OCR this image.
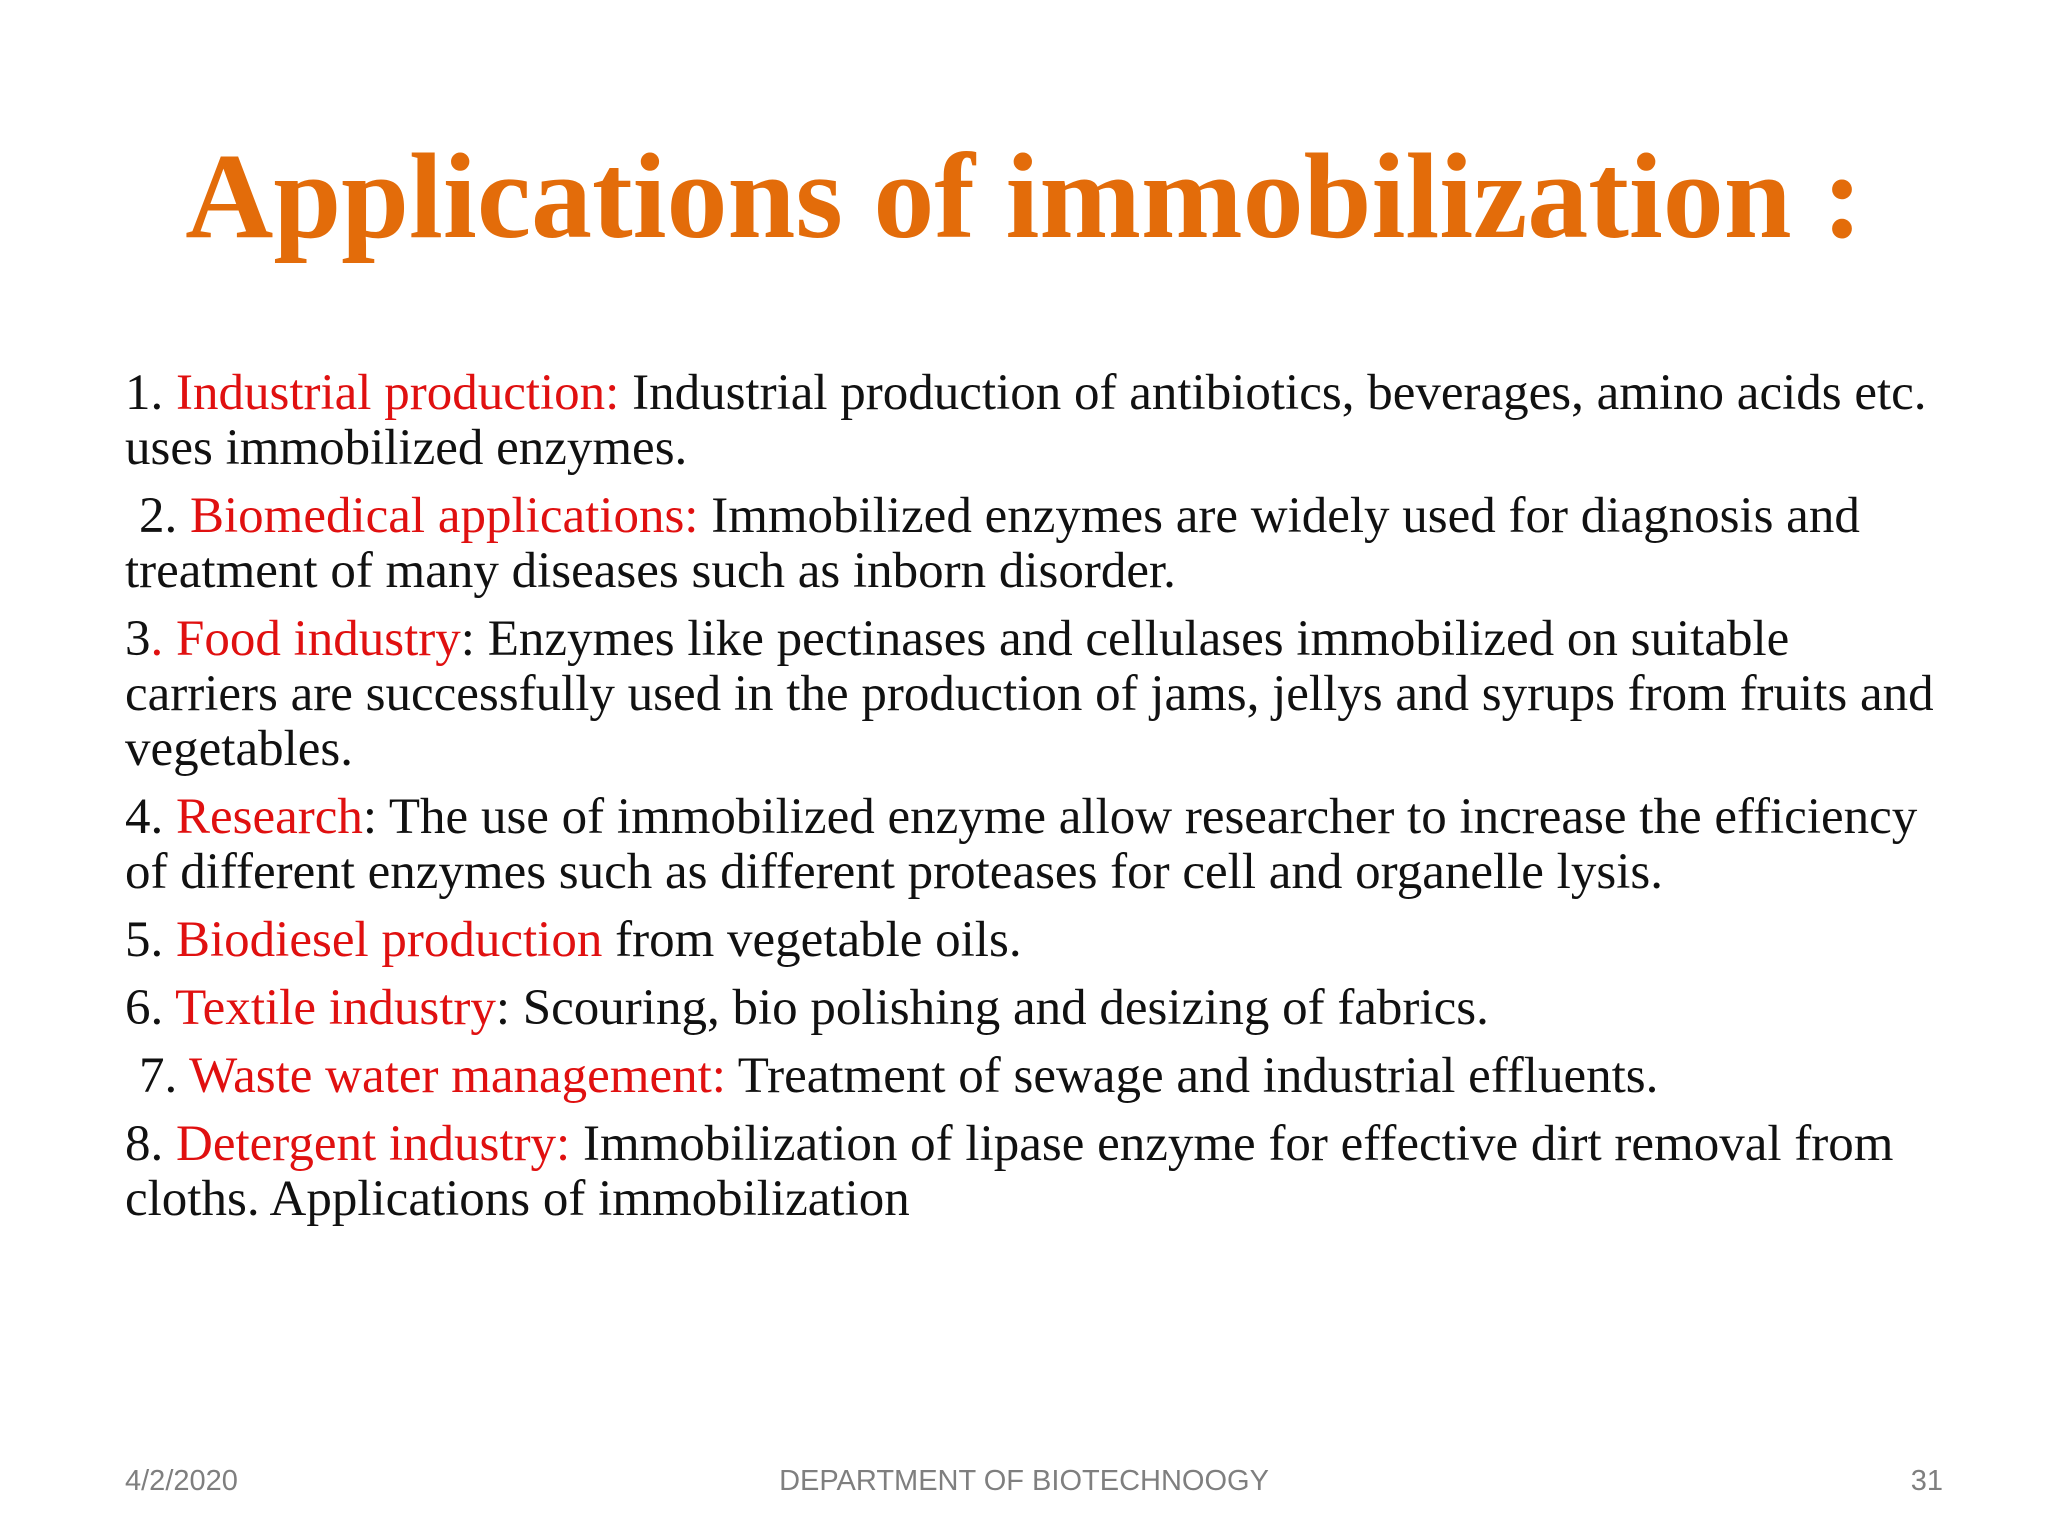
Applications of immobilization :
1. Industrial production: Industrial production of antibiotics, beverages, amino acids etc. uses immobilized enzymes.
2. Biomedical applications: Immobilized enzymes are widely used for diagnosis and treatment of many diseases such as inborn disorder.
3. Food industry: Enzymes like pectinases and cellulases immobilized on suitable carriers are successfully used in the production of jams, jellys and syrups from fruits and vegetables.
4. Research: The use of immobilized enzyme allow researcher to increase the efficiency of different enzymes such as different proteases for cell and organelle lysis.
5. Biodiesel production from vegetable oils.
6. Textile industry: Scouring, bio polishing and desizing of fabrics.
7. Waste water management: Treatment of sewage and industrial effluents.
8. Detergent industry: Immobilization of lipase enzyme for effective dirt removal from cloths. Applications of immobilization
4/2/2020	DEPARTMENT OF BIOTECHNOOGY	31
